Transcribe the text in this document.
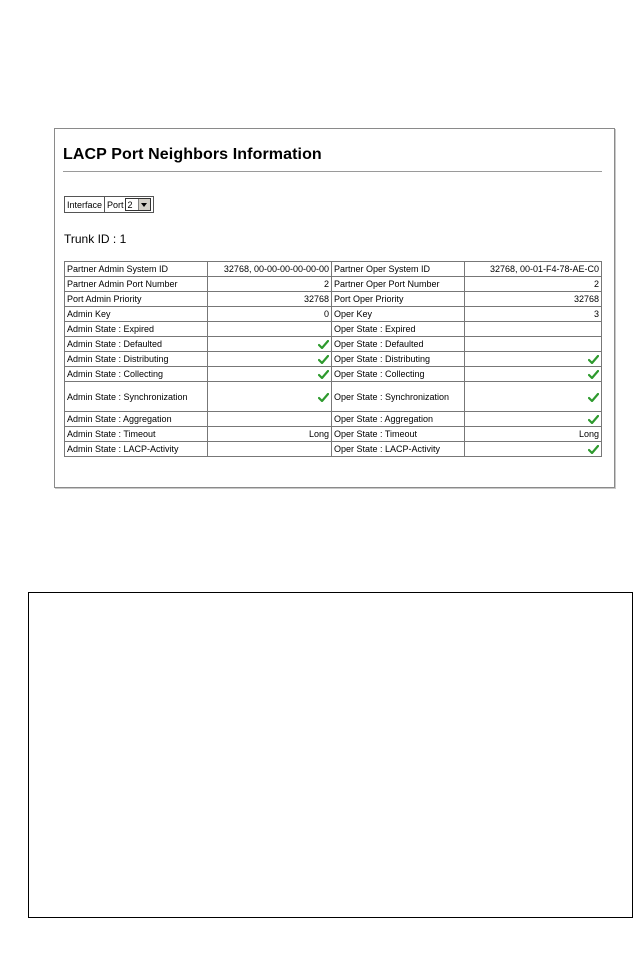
LACP Port Neighbors Information
Interface Port 2
Trunk ID : 1
Partner Admin System ID	32768, 00-00-00-00-00-00	Partner Oper System ID	32768, 00-01-F4-78-AE-C0
Partner Admin Port Number	2	Partner Oper Port Number	2
Port Admin Priority	32768	Port Oper Priority	32768
Admin Key	0	Oper Key	3
Admin State : Expired		Oper State : Expired	
Admin State : Defaulted		Oper State : Defaulted	
Admin State : Distributing		Oper State : Distributing	
Admin State : Collecting		Oper State : Collecting	
Admin State : Synchronization		Oper State : Synchronization	
Admin State : Aggregation		Oper State : Aggregation	
Admin State : Timeout	Long	Oper State : Timeout	Long
Admin State : LACP-Activity		Oper State : LACP-Activity	
